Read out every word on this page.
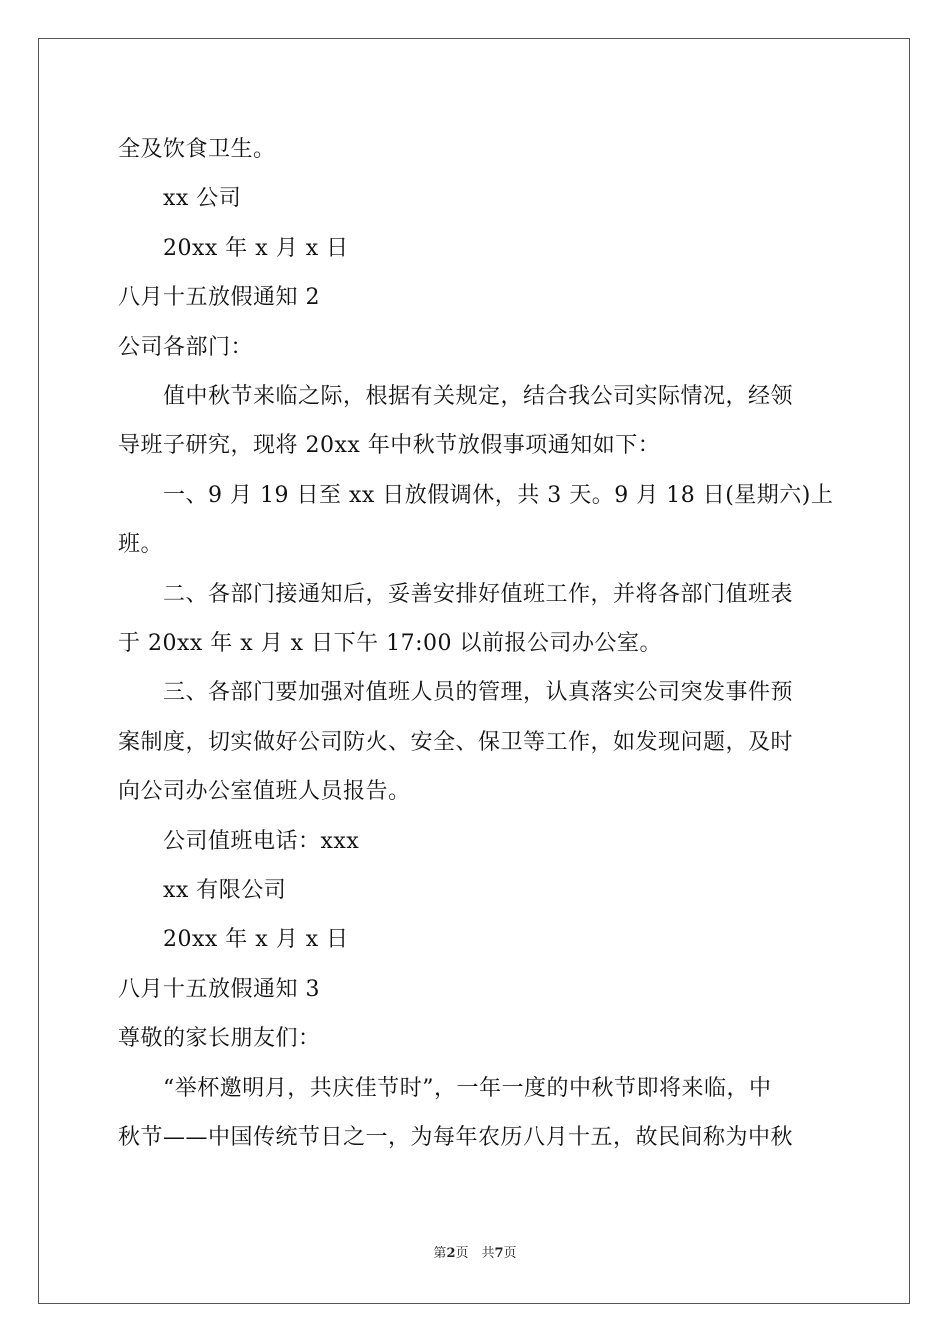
全及饮食卫生。
xx 公司
20xx 年 x 月 x 日
八月十五放假通知 2
公司各部门：
值中秋节来临之际，根据有关规定，结合我公司实际情况，经领
导班子研究，现将 20xx 年中秋节放假事项通知如下：
一、9 月 19 日至 xx 日放假调休，共 3 天。9 月 18 日(星期六)上
班。
二、各部门接通知后，妥善安排好值班工作，并将各部门值班表
于 20xx 年 x 月 x 日下午 17:00 以前报公司办公室。
三、各部门要加强对值班人员的管理，认真落实公司突发事件预
案制度，切实做好公司防火、安全、保卫等工作，如发现问题，及时
向公司办公室值班人员报告。
公司值班电话：xxx
xx 有限公司
20xx 年 x 月 x 日
八月十五放假通知 3
尊敬的家长朋友们：
“举杯邀明月，共庆佳节时”，一年一度的中秋节即将来临，中
秋节——中国传统节日之一，为每年农历八月十五，故民间称为中秋
第2页　共7页
